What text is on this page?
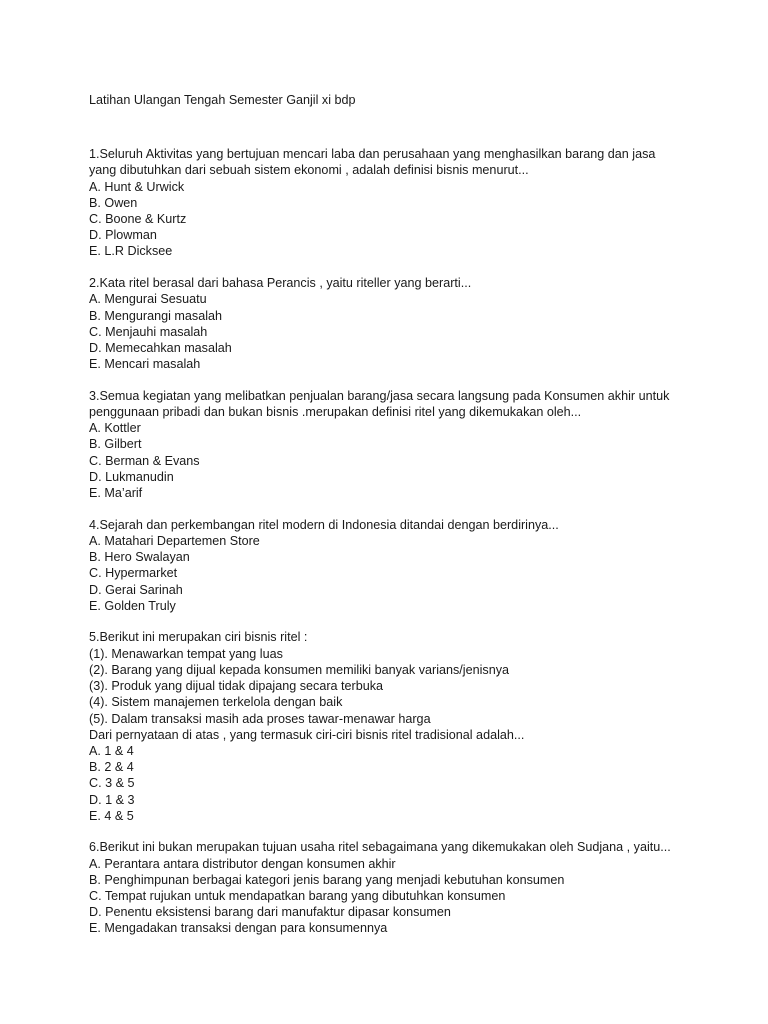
Latihan Ulangan Tengah Semester Ganjil xi bdp
1.Seluruh Aktivitas yang bertujuan mencari laba dan perusahaan yang menghasilkan barang dan jasa
yang dibutuhkan dari sebuah sistem ekonomi , adalah definisi bisnis menurut...
A. Hunt & Urwick
B. Owen
C. Boone & Kurtz
D. Plowman
E. L.R Dicksee
2.Kata ritel berasal dari bahasa Perancis , yaitu riteller yang berarti...
A. Mengurai Sesuatu
B. Mengurangi masalah
C. Menjauhi masalah
D. Memecahkan masalah
E. Mencari masalah
3.Semua kegiatan yang melibatkan penjualan barang/jasa secara langsung pada Konsumen akhir untuk
penggunaan pribadi dan bukan bisnis .merupakan definisi ritel yang dikemukakan oleh...
A. Kottler
B. Gilbert
C. Berman & Evans
D. Lukmanudin
E. Ma’arif
4.Sejarah dan perkembangan ritel modern di Indonesia ditandai dengan berdirinya...
A. Matahari Departemen Store
B. Hero Swalayan
C. Hypermarket
D. Gerai Sarinah
E. Golden Truly
5.Berikut ini merupakan ciri bisnis ritel :
(1). Menawarkan tempat yang luas
(2). Barang yang dijual kepada konsumen memiliki banyak varians/jenisnya
(3). Produk yang dijual tidak dipajang secara terbuka
(4). Sistem manajemen terkelola dengan baik
(5). Dalam transaksi masih ada proses tawar-menawar harga
Dari pernyataan di atas , yang termasuk ciri-ciri bisnis ritel tradisional adalah...
A. 1 & 4
B. 2 & 4
C. 3 & 5
D. 1 & 3
E. 4 & 5
6.Berikut ini bukan merupakan tujuan usaha ritel sebagaimana yang dikemukakan oleh Sudjana , yaitu...
A. Perantara antara distributor dengan konsumen akhir
B. Penghimpunan berbagai kategori jenis barang yang menjadi kebutuhan konsumen
C. Tempat rujukan untuk mendapatkan barang yang dibutuhkan konsumen
D. Penentu eksistensi barang dari manufaktur dipasar konsumen
E. Mengadakan transaksi dengan para konsumennya
